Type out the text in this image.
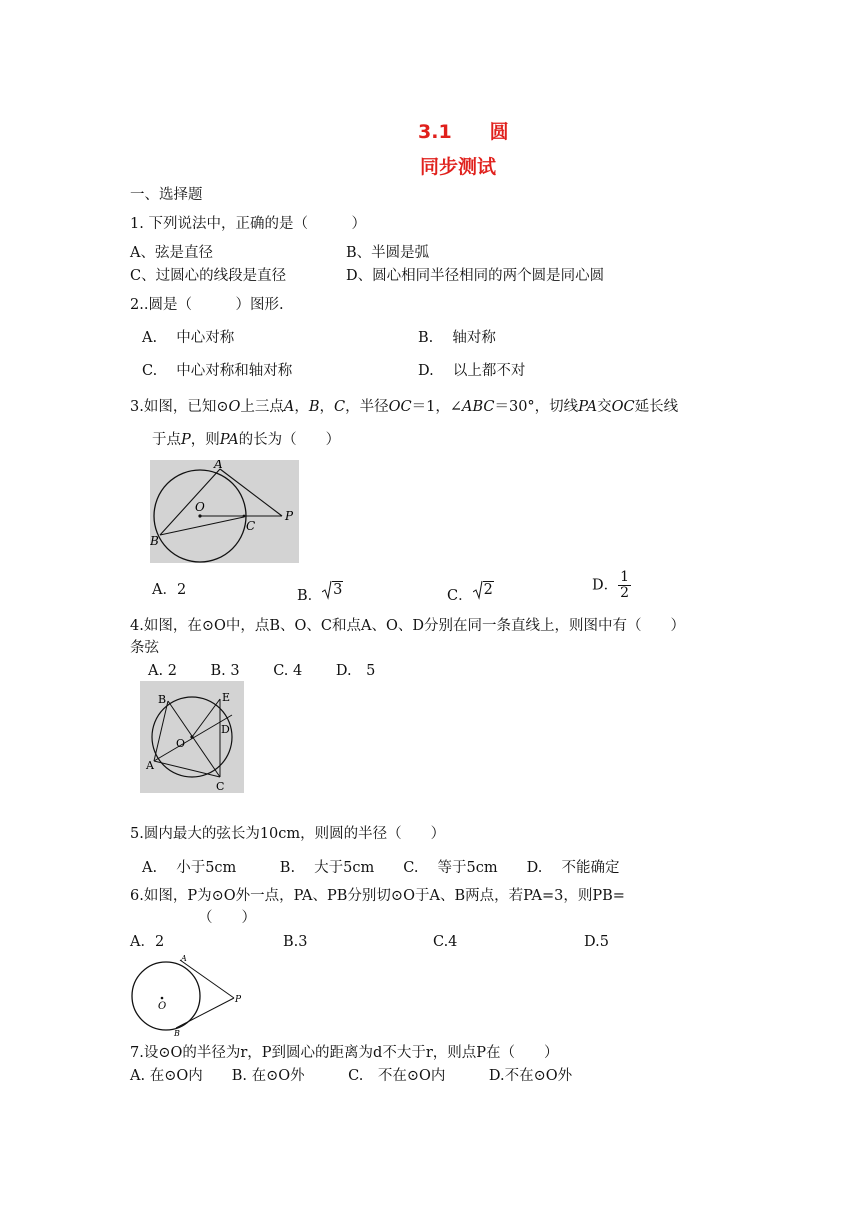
3.1　　圆
同步测试
一、选择题
1. 下列说法中，正确的是（　　　）
A、弦是直径	B、半圆是弧
C、过圆心的线段是直径	D、圆心相同半径相同的两个圆是同心圆
2..圆是（　　　）图形.
A.　 中心对称	B.　 轴对称
C.　 中心对称和轴对称	D.　 以上都不对
3.如图，已知⊙O上三点A，B，C，半径OC＝1，∠ABC＝30°，切线PA交OC延长线
于点P，则PA的长为（　　）
A
O
C
P
B
A．2	B． 3	C． 2	D． $\frac{1}{2}$
4.如图，在⊙O中，点B、O、C和点A、O、D分别在同一条直线上，则图中有（　　）
条弦
A. 2　　 B. 3　　 C. 4　　 D.　5
B	E
D
O
A
C
5.圆内最大的弦长为10cm，则圆的半径（　　）
A.　 小于5cm　　　B.　 大于5cm　　C.　 等于5cm　　D.　 不能确定
6.如图，P为⊙O外一点，PA、PB分别切⊙O于A、B两点，若PA=3，则PB=
（　　）
A．2	B.3	C.4	D.5
A
O
P
B
7.设⊙O的半径为r，P到圆心的距离为d不大于r，则点P在（　　）
A. 在⊙O内　　B. 在⊙O外　　　C.　不在⊙O内　　　D.不在⊙O外
